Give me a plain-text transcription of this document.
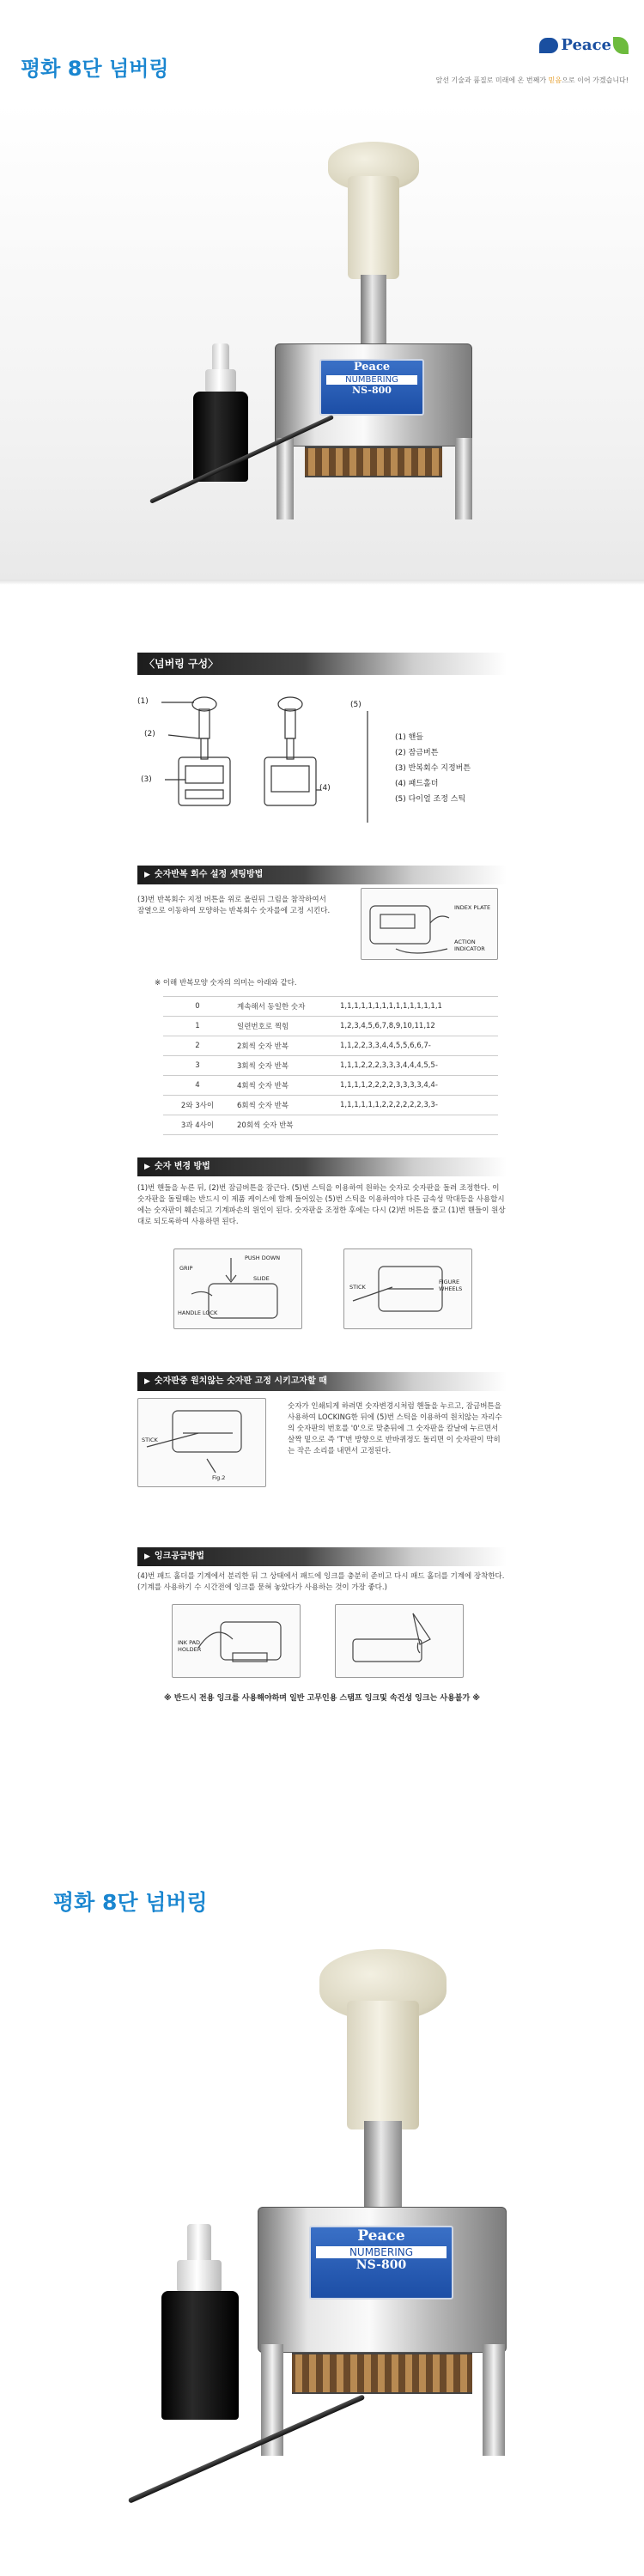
평화 8단 넘버링
Peace
앞선 기술과 품질로 미래에 온 번째가 믿음으로 이어 가겠습니다!
Peace
NUMBERING
NS-800
〈넘버링 구성〉
(1)
(2)
(3)
(4)
(5)
(1) 핸들
(2) 잠금버튼
(3) 반복회수 지정버튼
(4) 패드홀더
(5) 다이얼 조정 스틱
▶ 숫자반복 회수 설정 셋팅방법
(3)번 반복회수 지정 버튼을 위로 올린뒤 그림을 참작하여서 잠열으로 이동하여 모양하는 반복회수 숫자를에 고정 시킨다.	INDEX PLATE
ACTION INDICATOR
※ 이해 반복모양 숫자의 의미는 아래와 같다.
0	계속해서 동일한 숫자	1,1,1,1,1,1,1,1,1,1,1,1,1,1,1
1	일련번호로 찍힘	1,2,3,4,5,6,7,8,9,10,11,12
2	2회씩 숫자 반복	1,1,2,2,3,3,4,4,5,5,6,6,7-
3	3회씩 숫자 반복	1,1,1,2,2,2,3,3,3,4,4,4,5,5-
4	4회씩 숫자 반복	1,1,1,1,2,2,2,2,3,3,3,3,4,4-
2와 3사이	6회씩 숫자 반복	1,1,1,1,1,1,2,2,2,2,2,2,3,3-
3과 4사이	20회씩 숫자 반복	
▶ 숫자 변경 방법
(1)번 핸들을 누른 뒤, (2)번 잠금버튼을 잠근다. (5)번 스틱을 이용하여 원하는 숫자로 숫자판을 돌려 조정한다. 이 숫자판을 돌릴때는 반드시 이 제품 케이스에 함께 들어있는 (5)번 스틱을 이용하여야 다른 금속성 막대등을 사용할시에는 숫자판이 훼손되고 기계파손의 원인이 된다. 숫자판을 조정한 후에는 다시 (2)번 버튼을 풀고 (1)번 핸들이 원상대로 되도록하여 사용하면 된다.
GRIP
PUSH DOWN
SLIDE
HANDLE LOCK
STICK
FIGURE WHEELS
▶ 숫자판중 원치않는 숫자판 고정 시키고자할 때
STICK
Fig.2
숫자가 인쇄되게 하려면 숫자변경시처럼 핸들을 누르고, 잠금버튼을 사용하여 LOCKING한 뒤에 (5)번 스틱을 이용하여 원치않는 자리수의 숫자판의 번호를 '0'으로 맞춘뒤에 그 숫자판을 칼날에 누르면서 살짝 밑으로 즉 'T'번 방향으로 반바퀴정도 돌리면 이 숫자판이 막히는 작은 소리를 내면서 고정된다.
▶ 잉크공급방법
(4)번 패드 홀더를 기계에서 분리한 뒤 그 상태에서 패드에 잉크를 충분히 준비고 다시 패드 홀더를 기계에 장착한다. (기계를 사용하기 수 시간전에 잉크를 묻혀 놓았다가 사용하는 것이 가장 좋다.)
INK PAD HOLDER
※ 반드시 전용 잉크를 사용해야하며 일반 고무인용 스탬프 잉크및 속건성 잉크는 사용불가 ※
평화 8단 넘버링
Peace
NUMBERING
NS-800
